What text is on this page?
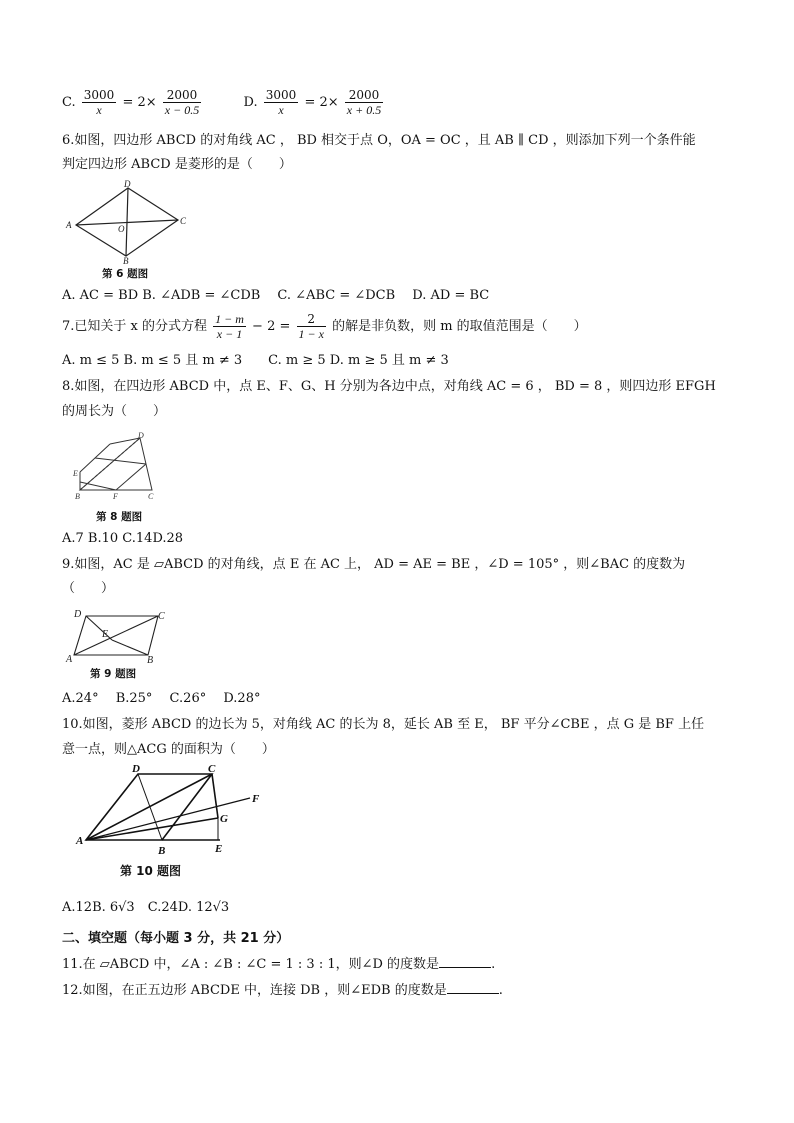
C. $\frac{3000}{x} = 2\times \frac{2000}{x - 0.5}$	D. $\frac{3000}{x} = 2\times \frac{2000}{x + 0.5}$
6.如图，四边形 ABCD 的对角线 AC ， BD 相交于点 O，OA = OC ，且 AB ∥ CD ，则添加下列一个条件能
判定四边形 ABCD 是菱形的是（　　）
A
D
C
B
O
第 6 题图
A. AC = BD B. ∠ADB = ∠CDB　 C. ∠ABC = ∠DCB　 D. AD = BC
7.已知关于 x 的分式方程 $\frac{1 - m}{x - 1} - 2 = \frac{2}{1 - x}$ 的解是非负数，则 m 的取值范围是（　　）
A. m ≤ 5 B. m ≤ 5 且 m ≠ 3　　C. m ≥ 5 D. m ≥ 5 且 m ≠ 3
8.如图，在四边形 ABCD 中，点 E、F、G、H 分别为各边中点，对角线 AC = 6 ， BD = 8 ，则四边形 EFGH
的周长为（　　）
D
E
B	F	C
第 8 题图
A.7 B.10 C.14D.28
9.如图，AC 是 ▱ABCD 的对角线，点 E 在 AC 上， AD = AE = BE ，∠D = 105° ，则∠BAC 的度数为
（　　）
D	C
A	B
E
第 9 题图
A.24°　 B.25°　 C.26°　 D.28°
10.如图，菱形 ABCD 的边长为 5，对角线 AC 的长为 8，延长 AB 至 E， BF 平分∠CBE ，点 G 是 BF 上任
意一点，则△ACG 的面积为（　　）
A
B
C
D
E
F
G
第 10 题图
A.12B. 6√3　C.24D. 12√3
二、填空题（每小题 3 分，共 21 分）
11.在 ▱ABCD 中，∠A : ∠B : ∠C = 1 : 3 : 1，则∠D 的度数是	.
12.如图，在正五边形 ABCDE 中，连接 DB ，则∠EDB 的度数是	.
